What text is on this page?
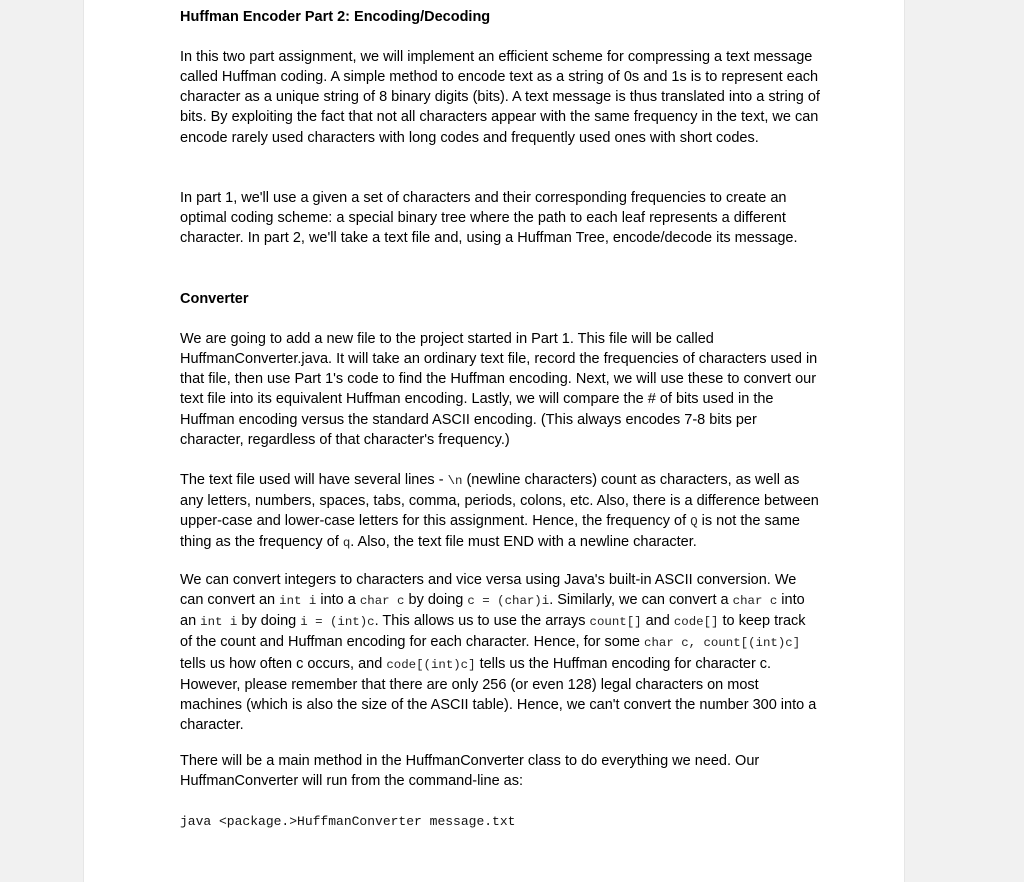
Huffman Encoder Part 2: Encoding/Decoding

In this two part assignment, we will implement an efficient scheme for compressing a text message called Huffman coding. A simple method to encode text as a string of 0s and 1s is to represent each character as a unique string of 8 binary digits (bits). A text message is thus translated into a string of bits. By exploiting the fact that not all characters appear with the same frequency in the text, we can encode rarely used characters with long codes and frequently used ones with short codes.

In part 1, we'll use a given a set of characters and their corresponding frequencies to create an optimal coding scheme: a special binary tree where the path to each leaf represents a different character. In part 2, we'll take a text file and, using a Huffman Tree, encode/decode its message.

Converter

We are going to add a new file to the project started in Part 1. This file will be called HuffmanConverter.java. It will take an ordinary text file, record the frequencies of characters used in that file, then use Part 1's code to find the Huffman encoding. Next, we will use these to convert our text file into its equivalent Huffman encoding. Lastly, we will compare the # of bits used in the Huffman encoding versus the standard ASCII encoding. (This always encodes 7-8 bits per character, regardless of that character's frequency.)

The text file used will have several lines - \n (newline characters) count as characters, as well as any letters, numbers, spaces, tabs, comma, periods, colons, etc. Also, there is a difference between upper-case and lower-case letters for this assignment. Hence, the frequency of Q is not the same thing as the frequency of q. Also, the text file must END with a newline character.

We can convert integers to characters and vice versa using Java's built-in ASCII conversion. We can convert an int i into a char c by doing c = (char)i. Similarly, we can convert a char c into an int i by doing i = (int)c. This allows us to use the arrays count[] and code[] to keep track of the count and Huffman encoding for each character. Hence, for some char c, count[(int)c] tells us how often c occurs, and code[(int)c] tells us the Huffman encoding for character c. However, please remember that there are only 256 (or even 128) legal characters on most machines (which is also the size of the ASCII table). Hence, we can't convert the number 300 into a character.

There will be a main method in the HuffmanConverter class to do everything we need. Our HuffmanConverter will run from the command-line as:

java <package.>HuffmanConverter message.txt
